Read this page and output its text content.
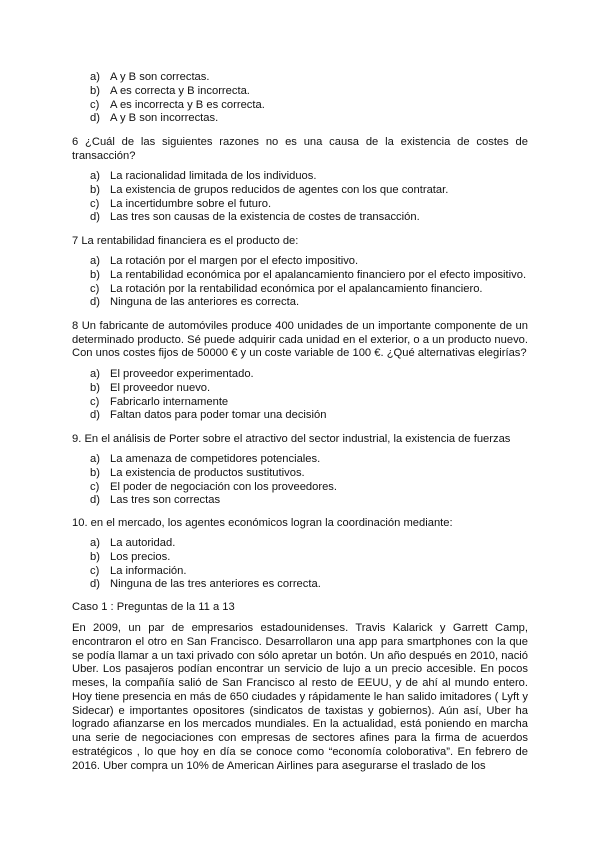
a) A y B son correctas.
b) A es correcta y B incorrecta.
c) A es incorrecta y B es correcta.
d) A y B son incorrectas.
6 ¿Cuál de las siguientes razones no es una causa de la existencia de costes de transacción?
a) La racionalidad limitada de los individuos.
b) La existencia de grupos reducidos de agentes con los que contratar.
c) La incertidumbre sobre el futuro.
d) Las tres son causas de la existencia de costes de transacción.
7 La rentabilidad financiera es el producto de:
a) La rotación por el margen por el efecto impositivo.
b) La rentabilidad económica por el apalancamiento financiero por el efecto impositivo.
c) La rotación por la rentabilidad económica por el apalancamiento financiero.
d) Ninguna de las anteriores es correcta.
8 Un fabricante de automóviles produce 400 unidades de un importante componente de un determinado producto. Sé puede adquirir cada unidad en el exterior, o a un producto nuevo. Con unos costes fijos de 50000 € y un coste variable de 100 €. ¿Qué alternativas elegirías?
a) El proveedor experimentado.
b) El proveedor nuevo.
c) Fabricarlo internamente
d) Faltan datos para poder tomar una decisión
9. En el análisis de Porter sobre el atractivo del sector industrial, la existencia de fuerzas
a) La amenaza de competidores potenciales.
b) La existencia de productos sustitutivos.
c) El poder de negociación con los proveedores.
d) Las tres son correctas
10. en el mercado, los agentes económicos logran la coordinación mediante:
a) La autoridad.
b) Los precios.
c) La información.
d) Ninguna de las tres anteriores es correcta.
Caso 1 : Preguntas de la 11 a 13
En 2009, un par de empresarios estadounidenses. Travis Kalarick y Garrett Camp, encontraron el otro en San Francisco. Desarrollaron una app para smartphones con la que se podía llamar a un taxi privado con sólo apretar un botón. Un año después en 2010, nació Uber. Los pasajeros podían encontrar un servicio de lujo a un precio accesible. En pocos meses, la compañía salió de San Francisco al resto de EEUU, y de ahí al mundo entero. Hoy tiene presencia en más de 650 ciudades y rápidamente le han salido imitadores ( Lyft y Sidecar) e importantes opositores (sindicatos de taxistas y gobiernos). Aún así, Uber ha logrado afianzarse en los mercados mundiales. En la actualidad, está poniendo en marcha una serie de negociaciones con empresas de sectores afines para la firma de acuerdos estratégicos , lo que hoy en día se conoce como “economía coloborativa”. En febrero de 2016. Uber compra un 10% de American Airlines para asegurarse el traslado de los
